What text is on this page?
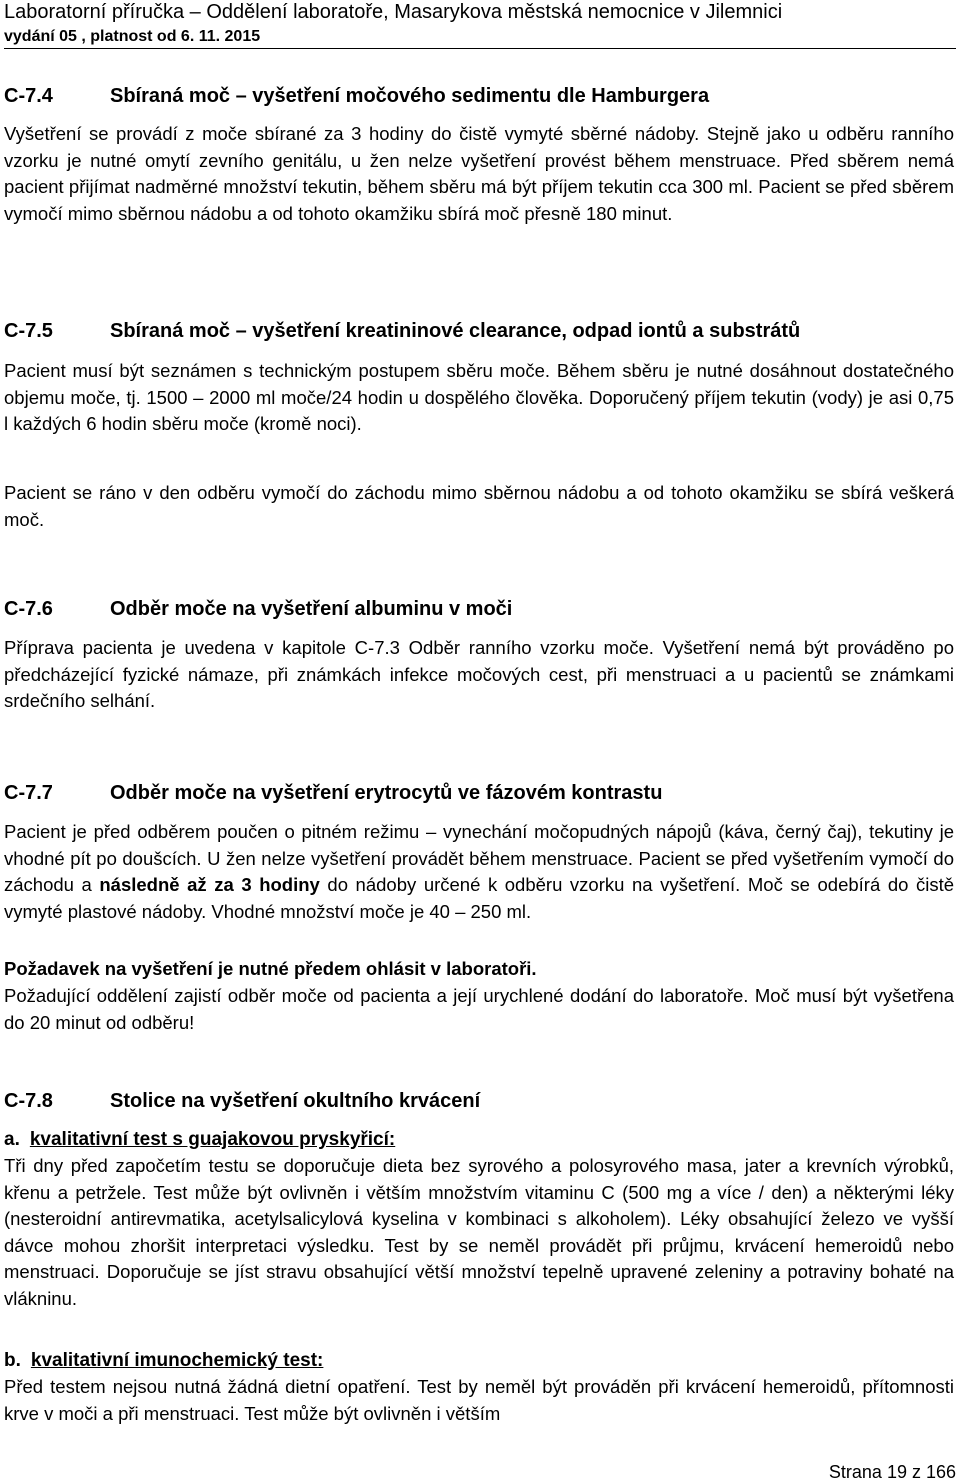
Laboratorní příručka – Oddělení laboratoře, Masarykova městská nemocnice v Jilemnici
vydání 05 , platnost od 6. 11. 2015
C-7.4	Sbíraná moč – vyšetření močového sedimentu dle Hamburgera
Vyšetření se provádí z moče sbírané za 3 hodiny do čistě vymyté sběrné nádoby. Stejně jako u odběru ranního vzorku je nutné omytí zevního genitálu, u žen nelze vyšetření provést během menstruace. Před sběrem nemá pacient přijímat nadměrné množství tekutin, během sběru má být příjem tekutin cca 300 ml. Pacient se před sběrem vymočí mimo sběrnou nádobu a od tohoto okamžiku sbírá moč přesně 180 minut.
C-7.5	Sbíraná moč – vyšetření kreatininové clearance, odpad iontů a substrátů
Pacient musí být seznámen s technickým postupem sběru moče. Během sběru je nutné dosáhnout dostatečného objemu moče, tj. 1500 – 2000 ml moče/24 hodin u dospělého člověka. Doporučený příjem tekutin (vody) je asi 0,75 l každých 6 hodin sběru moče (kromě noci).
Pacient se ráno v den odběru vymočí do záchodu mimo sběrnou nádobu a od tohoto okamžiku se sbírá veškerá moč.
C-7.6	Odběr moče na vyšetření albuminu v moči
Příprava pacienta je uvedena v kapitole C-7.3 Odběr ranního vzorku moče. Vyšetření nemá být prováděno po předcházející fyzické námaze, při známkách infekce močových cest, při menstruaci a u pacientů se známkami srdečního selhání.
C-7.7	Odběr moče na vyšetření erytrocytů ve fázovém kontrastu
Pacient je před odběrem poučen o pitném režimu – vynechání močopudných nápojů (káva, černý čaj), tekutiny je vhodné pít po doušcích. U žen nelze vyšetření provádět během menstruace. Pacient se před vyšetřením vymočí do záchodu a následně až za 3 hodiny do nádoby určené k odběru vzorku na vyšetření. Moč se odebírá do čistě vymyté plastové nádoby. Vhodné množství moče je 40 – 250 ml.
Požadavek na vyšetření je nutné předem ohlásit v laboratoři.
Požadující oddělení zajistí odběr moče od pacienta a její urychlené dodání do laboratoře. Moč musí být vyšetřena do 20 minut od odběru!
C-7.8	Stolice na vyšetření okultního krvácení
a. kvalitativní test s guajakovou pryskyřicí:
Tři dny před započetím testu se doporučuje dieta bez syrového a polosyrového masa, jater a krevních výrobků, křenu a petržele. Test může být ovlivněn i větším množstvím vitaminu C (500 mg a více / den) a některými léky (nesteroidní antirevmatika, acetylsalicylová kyselina v kombinaci s alkoholem). Léky obsahující železo ve vyšší dávce mohou zhoršit interpretaci výsledku. Test by se neměl provádět při průjmu, krvácení hemeroidů nebo menstruaci. Doporučuje se jíst stravu obsahující větší množství tepelně upravené zeleniny a potraviny bohaté na vlákninu.
b. kvalitativní imunochemický test:
Před testem nejsou nutná žádná dietní opatření. Test by neměl být prováděn při krvácení hemeroidů, přítomnosti krve v moči a při menstruaci. Test může být ovlivněn i větším
Strana 19 z 166
